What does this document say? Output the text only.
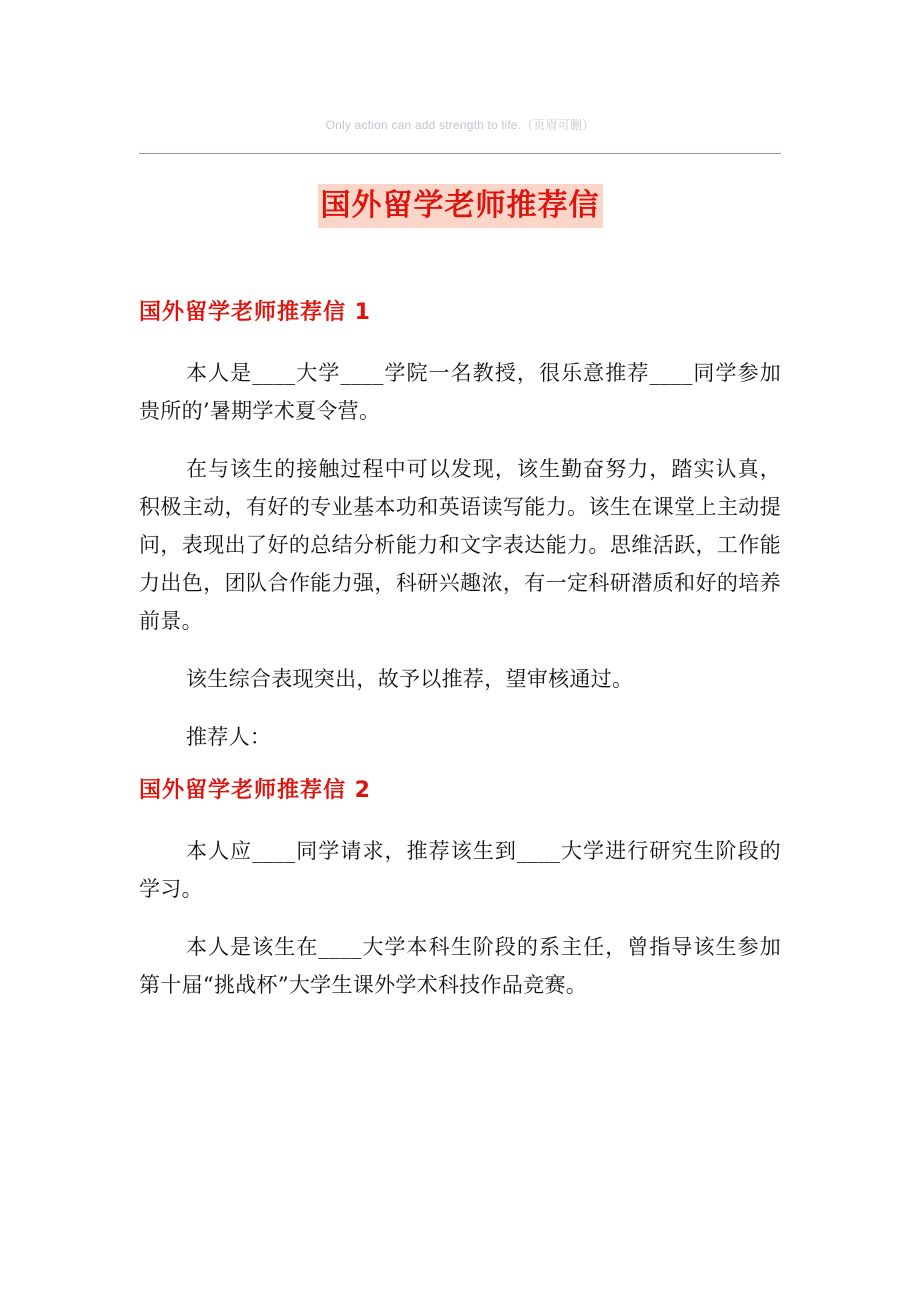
Only action can add strength to life.（页眉可删）
国外留学老师推荐信
国外留学老师推荐信 1

本人是____大学____学院一名教授，很乐意推荐____同学参加贵所的’暑期学术夏令营。

在与该生的接触过程中可以发现，该生勤奋努力，踏实认真，积极主动，有好的专业基本功和英语读写能力。该生在课堂上主动提问，表现出了好的总结分析能力和文字表达能力。思维活跃，工作能力出色，团队合作能力强，科研兴趣浓，有一定科研潜质和好的培养前景。

该生综合表现突出，故予以推荐，望审核通过。

推荐人：

国外留学老师推荐信 2

本人应____同学请求，推荐该生到____大学进行研究生阶段的学习。

本人是该生在____大学本科生阶段的系主任，曾指导该生参加第十届“挑战杯”大学生课外学术科技作品竞赛。
